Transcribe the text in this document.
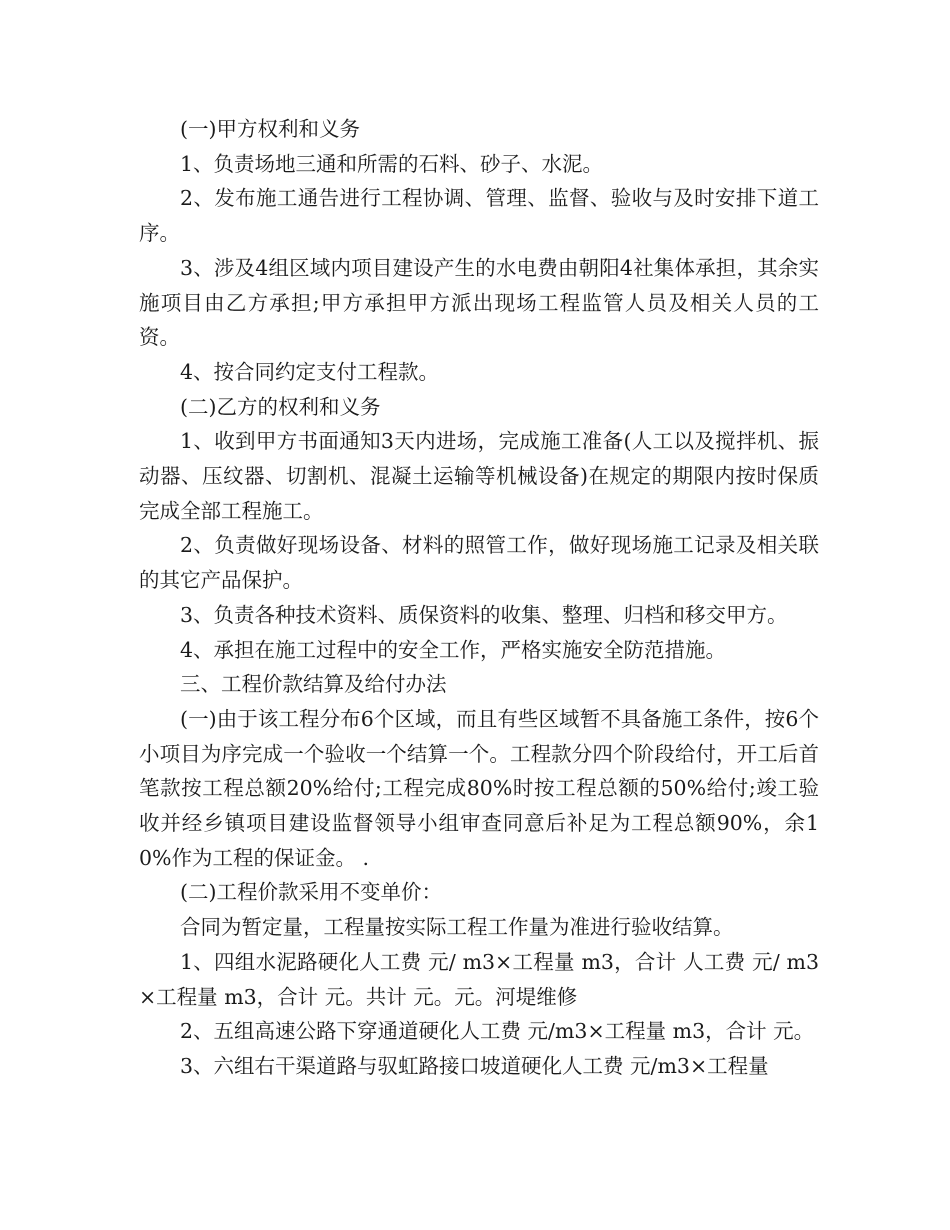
(一)甲方权利和义务

1、负责场地三通和所需的石料、砂子、水泥。

2、发布施工通告进行工程协调、管理、监督、验收与及时安排下道工序。

3、涉及4组区域内项目建设产生的水电费由朝阳4社集体承担，其余实施项目由乙方承担;甲方承担甲方派出现场工程监管人员及相关人员的工资。

4、按合同约定支付工程款。

(二)乙方的权利和义务

1、收到甲方书面通知3天内进场，完成施工准备(人工以及搅拌机、振动器、压纹器、切割机、混凝土运输等机械设备)在规定的期限内按时保质完成全部工程施工。

2、负责做好现场设备、材料的照管工作，做好现场施工记录及相关联的其它产品保护。

3、负责各种技术资料、质保资料的收集、整理、归档和移交甲方。

4、承担在施工过程中的安全工作，严格实施安全防范措施。

三、工程价款结算及给付办法

(一)由于该工程分布6个区域，而且有些区域暂不具备施工条件，按6个小项目为序完成一个验收一个结算一个。工程款分四个阶段给付，开工后首笔款按工程总额20%给付;工程完成80%时按工程总额的50%给付;竣工验收并经乡镇项目建设监督领导小组审查同意后补足为工程总额90%，余10%作为工程的保证金。 .

(二)工程价款采用不变单价：

合同为暂定量，工程量按实际工程工作量为准进行验收结算。

1、四组水泥路硬化人工费 元/ m3×工程量 m3，合计 人工费 元/ m3×工程量 m3，合计 元。共计 元。元。河堤维修

2、五组高速公路下穿通道硬化人工费 元/m3×工程量 m3，合计 元。

3、六组右干渠道路与驭虹路接口坡道硬化人工费 元/m3×工程量
